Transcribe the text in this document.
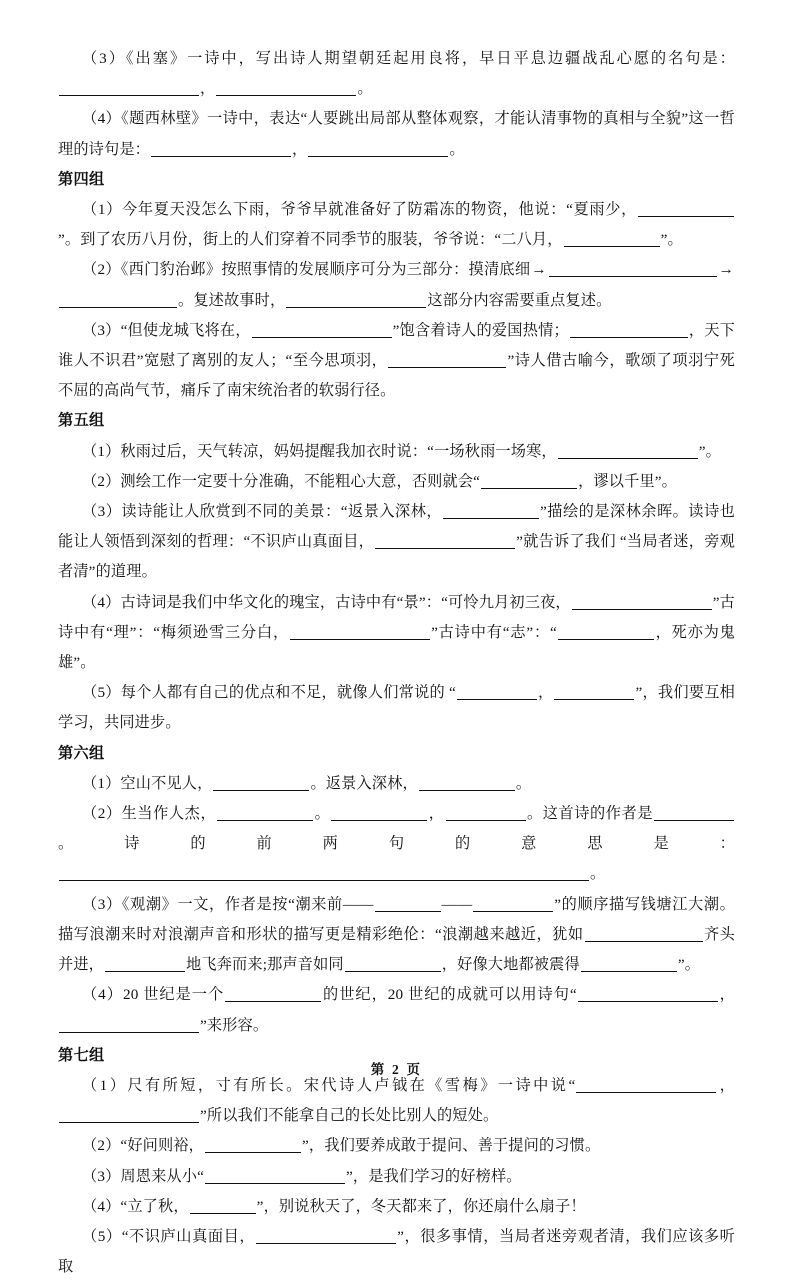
（3）《出塞》一诗中，写出诗人期望朝廷起用良将，早日平息边疆战乱心愿的名句是：，	。

（4）《题西林壁》一诗中，表达“人要跳出局部从整体观察，才能认清事物的真相与全貌”这一哲理的诗句是：	，	。

第四组

（1）今年夏天没怎么下雨，爷爷早就准备好了防霜冻的物资，他说：“夏雨少，”。到了农历八月份，街上的人们穿着不同季节的服装，爷爷说：“二八月，	”。

（2）《西门豹治邺》按照事情的发展顺序可分为三部分：摸清底细→	→。复述故事时，	这部分内容需要重点复述。

（3）“但使龙城飞将在，	”饱含着诗人的爱国热情；	，天下谁人不识君”宽慰了离别的友人；“至今思项羽，	”诗人借古喻今，歌颂了项羽宁死不屈的高尚气节，痛斥了南宋统治者的软弱行径。

第五组

（1）秋雨过后，天气转凉，妈妈提醒我加衣时说：“一场秋雨一场寒，	”。

（2）测绘工作一定要十分准确，不能粗心大意，否则就会“	，谬以千里”。

（3）读诗能让人欣赏到不同的美景：“返景入深林，	”描绘的是深林余晖。读诗也能让人领悟到深刻的哲理：“不识庐山真面目，	”就告诉了我们 “当局者迷，旁观者清”的道理。

（4）古诗词是我们中华文化的瑰宝，古诗中有“景”：“可怜九月初三夜，	”古诗中有“理”：“梅须逊雪三分白，	”古诗中有“志”：“	，死亦为鬼雄”。

（5）每个人都有自己的优点和不足，就像人们常说的 “	，	”，我们要互相学习，共同进步。

第六组

（1）空山不见人，	。返景入深林，	。

（2）生当作人杰，	。	，	。这首诗的作者是。诗的前两句的意思是：。

（3）《观潮》一文，作者是按“潮来前——	——	”的顺序描写钱塘江大潮。描写浪潮来时对浪潮声音和形状的描写更是精彩绝伦：“浪潮越来越近，犹如	齐头并进，	地飞奔而来;那声音如同	，好像大地都被震得	”。

（4）20 世纪是一个	的世纪，20 世纪的成就可以用诗句“	，”来形容。

第七组

（1）尺有所短，寸有所长。宋代诗人卢钺在《雪梅》一诗中说“	，”所以我们不能拿自己的长处比别人的短处。

（2）“好问则裕，	”，我们要养成敢于提问、善于提问的习惯。

（3）周恩来从小“	”，是我们学习的好榜样。

（4）“立了秋，	”，别说秋天了，冬天都来了，你还扇什么扇子！

（5）“不识庐山真面目，	”，很多事情，当局者迷旁观者清，我们应该多听取

第 2 页
